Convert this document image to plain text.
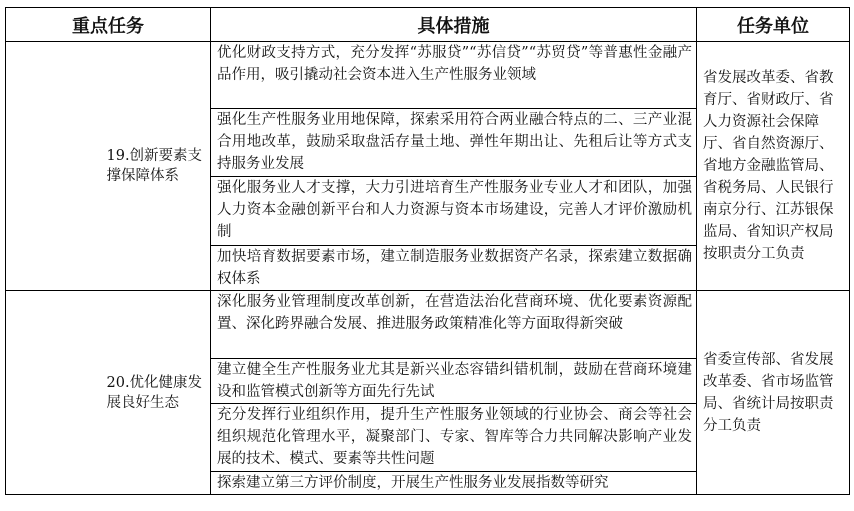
重点任务		具体措施	任务单位
	19.创新要素支撑保障体系	优化财政支持方式，充分发挥“苏服贷”“苏信贷”“苏贸贷”等普惠性金融产品作用，吸引撬动社会资本进入生产性服务业领域	省发展改革委、省教育厅、省财政厅、省人力资源社会保障厅、省自然资源厅、省地方金融监管局、省税务局、人民银行南京分行、江苏银保监局、省知识产权局按职责分工负责
		强化生产性服务业用地保障，探索采用符合两业融合特点的二、三产业混合用地改革，鼓励采取盘活存量土地、弹性年期出让、先租后让等方式支持服务业发展	
		强化服务业人才支撑，大力引进培育生产性服务业专业人才和团队，加强人力资本金融创新平台和人力资源与资本市场建设，完善人才评价激励机制	
		加快培育数据要素市场，建立制造服务业数据资产名录，探索建立数据确权体系	
	20.优化健康发展良好生态	深化服务业管理制度改革创新，在营造法治化营商环境、优化要素资源配置、深化跨界融合发展、推进服务政策精准化等方面取得新突破	省委宣传部、省发展改革委、省市场监管局、省统计局按职责分工负责
		建立健全生产性服务业尤其是新兴业态容错纠错机制，鼓励在营商环境建设和监管模式创新等方面先行先试	
		充分发挥行业组织作用，提升生产性服务业领域的行业协会、商会等社会组织规范化管理水平，凝聚部门、专家、智库等合力共同解决影响产业发展的技术、模式、要素等共性问题	
		探索建立第三方评价制度，开展生产性服务业发展指数等研究	
